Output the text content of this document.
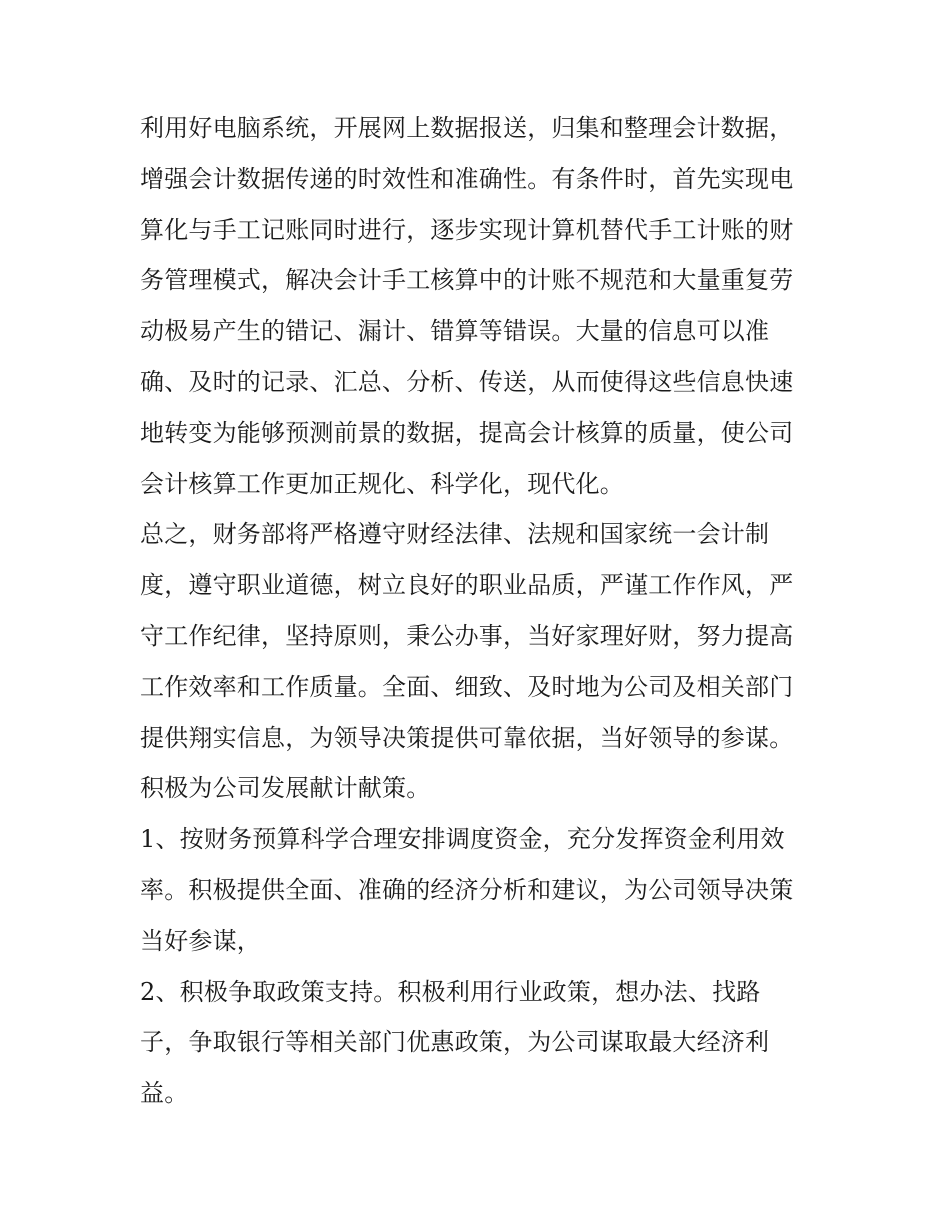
利用好电脑系统，开展网上数据报送，归集和整理会计数据，
增强会计数据传递的时效性和准确性。有条件时，首先实现电
算化与手工记账同时进行，逐步实现计算机替代手工计账的财
务管理模式，解决会计手工核算中的计账不规范和大量重复劳
动极易产生的错记、漏计、错算等错误。大量的信息可以准
确、及时的记录、汇总、分析、传送，从而使得这些信息快速
地转变为能够预测前景的数据，提高会计核算的质量，使公司
会计核算工作更加正规化、科学化，现代化。
总之，财务部将严格遵守财经法律、法规和国家统一会计制
度，遵守职业道德，树立良好的职业品质，严谨工作作风，严
守工作纪律，坚持原则，秉公办事，当好家理好财，努力提高
工作效率和工作质量。全面、细致、及时地为公司及相关部门
提供翔实信息，为领导决策提供可靠依据，当好领导的参谋。
积极为公司发展献计献策。
1、按财务预算科学合理安排调度资金，充分发挥资金利用效
率。积极提供全面、准确的经济分析和建议，为公司领导决策
当好参谋，
2、积极争取政策支持。积极利用行业政策，想办法、找路
子，争取银行等相关部门优惠政策，为公司谋取最大经济利
益。
